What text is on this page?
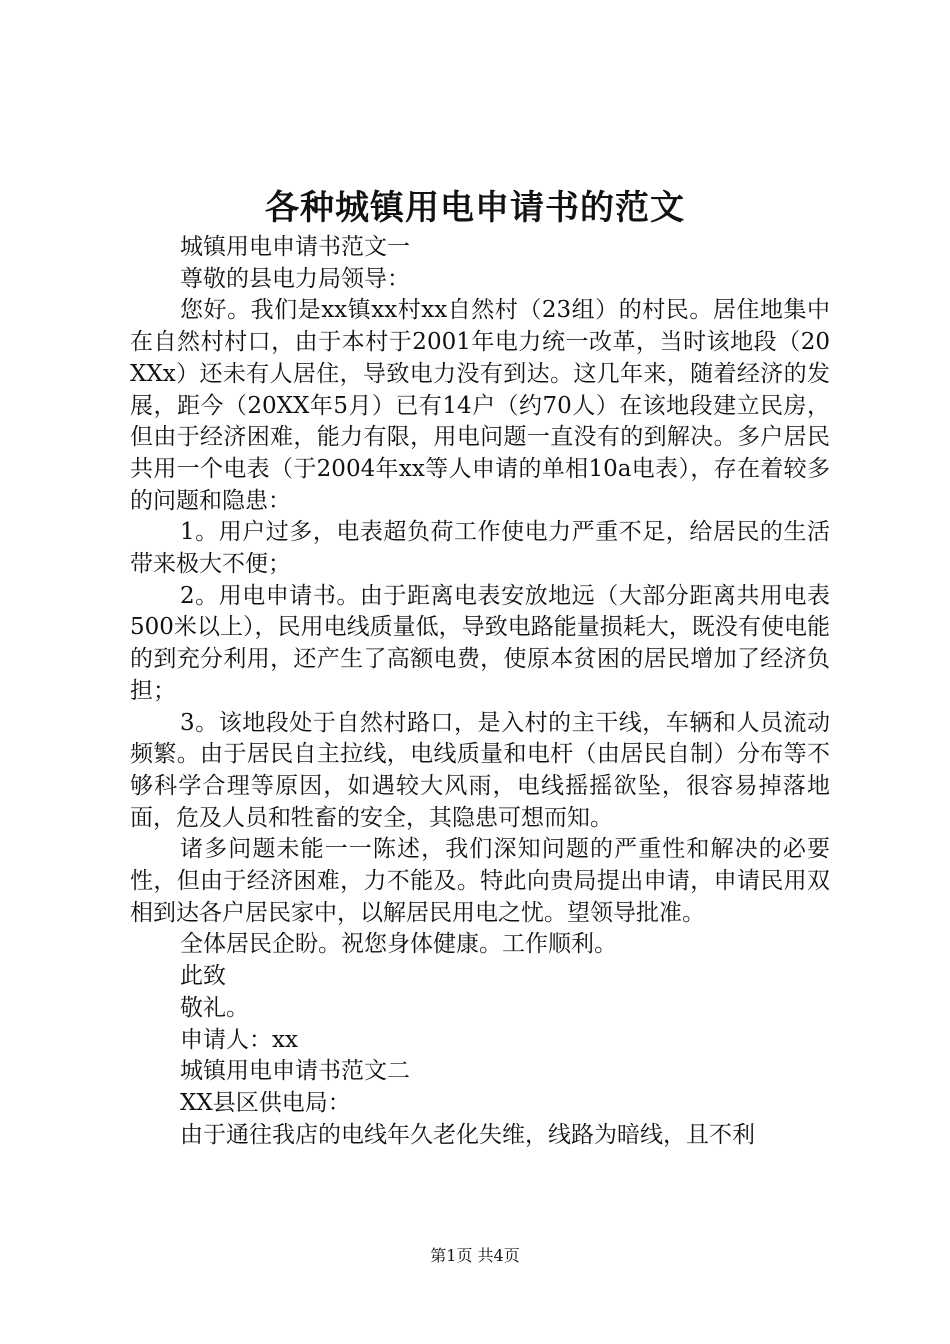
各种城镇用电申请书的范文

城镇用电申请书范文一

尊敬的县电力局领导：

您好。我们是xx镇xx村xx自然村（23组）的村民。居住地集中在自然村村口，由于本村于2001年电力统一改革，当时该地段（20XXx）还未有人居住，导致电力没有到达。这几年来，随着经济的发展，距今（20XX年5月）已有14户（约70人）在该地段建立民房，但由于经济困难，能力有限，用电问题一直没有的到解决。多户居民共用一个电表（于2004年xx等人申请的单相10a电表），存在着较多的问题和隐患：

1。用户过多，电表超负荷工作使电力严重不足，给居民的生活带来极大不便；

2。用电申请书。由于距离电表安放地远（大部分距离共用电表500米以上），民用电线质量低，导致电路能量损耗大，既没有使电能的到充分利用，还产生了高额电费，使原本贫困的居民增加了经济负担；

3。该地段处于自然村路口，是入村的主干线，车辆和人员流动频繁。由于居民自主拉线，电线质量和电杆（由居民自制）分布等不够科学合理等原因，如遇较大风雨，电线摇摇欲坠，很容易掉落地面，危及人员和牲畜的安全，其隐患可想而知。

诸多问题未能一一陈述，我们深知问题的严重性和解决的必要性，但由于经济困难，力不能及。特此向贵局提出申请，申请民用双相到达各户居民家中，以解居民用电之忧。望领导批准。

全体居民企盼。祝您身体健康。工作顺利。

此致

敬礼。

申请人：xx

城镇用电申请书范文二

XX县区供电局：

由于通往我店的电线年久老化失维，线路为暗线，且不利

第1页 共4页
